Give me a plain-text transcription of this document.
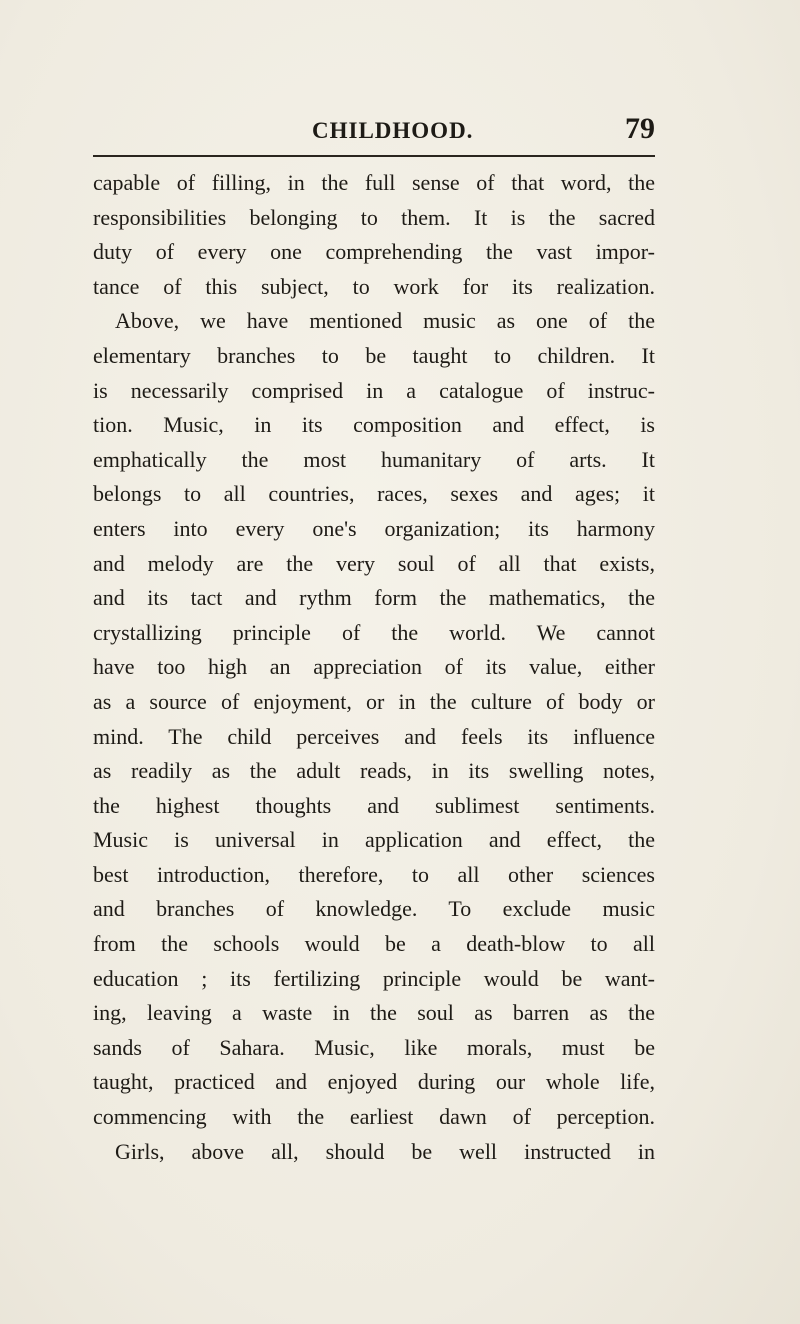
CHILDHOOD.	79
capable of filling, in the full sense of that word, the
responsibilities belonging to them. It is the sacred
duty of every one comprehending the vast impor-
tance of this subject, to work for its realization.
Above, we have mentioned music as one of the
elementary branches to be taught to children. It
is necessarily comprised in a catalogue of instruc-
tion. Music, in its composition and effect, is
emphatically the most humanitary of arts. It
belongs to all countries, races, sexes and ages; it
enters into every one's organization; its harmony
and melody are the very soul of all that exists,
and its tact and rythm form the mathematics, the
crystallizing principle of the world. We cannot
have too high an appreciation of its value, either
as a source of enjoyment, or in the culture of body or
mind. The child perceives and feels its influence
as readily as the adult reads, in its swelling notes,
the highest thoughts and sublimest sentiments.
Music is universal in application and effect, the
best introduction, therefore, to all other sciences
and branches of knowledge. To exclude music
from the schools would be a death-blow to all
education ; its fertilizing principle would be want-
ing, leaving a waste in the soul as barren as the
sands of Sahara. Music, like morals, must be
taught, practiced and enjoyed during our whole life,
commencing with the earliest dawn of perception.
Girls, above all, should be well instructed in
